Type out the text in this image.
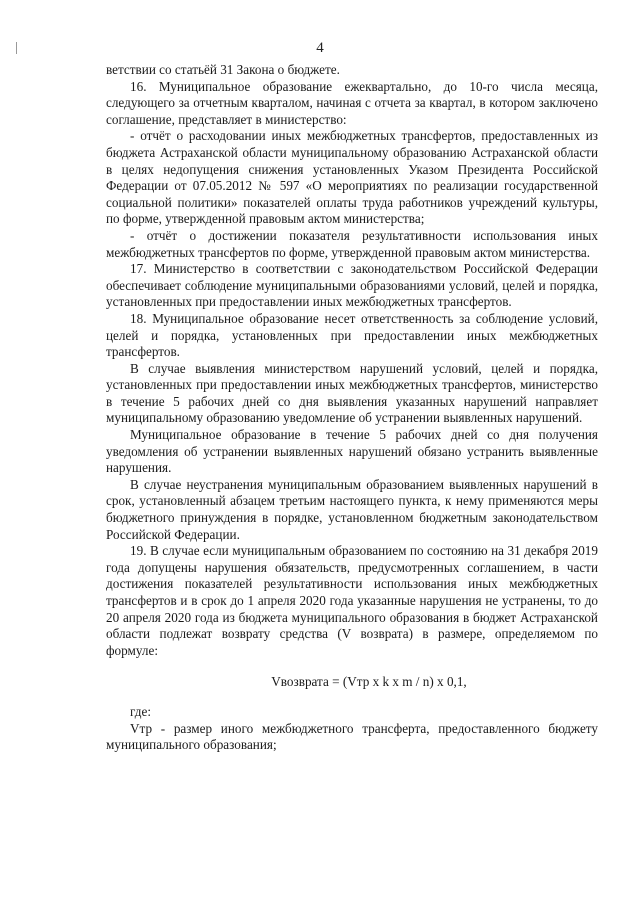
4

ветствии со статьёй 31 Закона о бюджете.

16. Муниципальное образование ежеквартально, до 10-го числа месяца, следующего за отчетным кварталом, начиная с отчета за квартал, в котором заключено соглашение, представляет в министерство:

- отчёт о расходовании иных межбюджетных трансфертов, предоставленных из бюджета Астраханской области муниципальному образованию Астраханской области в целях недопущения снижения установленных Указом Президента Российской Федерации от 07.05.2012 № 597 «О мероприятиях по реализации государственной социальной политики» показателей оплаты труда работников учреждений культуры, по форме, утвержденной правовым актом министерства;

- отчёт о достижении показателя результативности использования иных межбюджетных трансфертов по форме, утвержденной правовым актом министерства.

17. Министерство в соответствии с законодательством Российской Федерации обеспечивает соблюдение муниципальными образованиями условий, целей и порядка, установленных при предоставлении иных межбюджетных трансфертов.

18. Муниципальное образование несет ответственность за соблюдение условий, целей и порядка, установленных при предоставлении иных межбюджетных трансфертов.

В случае выявления министерством нарушений условий, целей и порядка, установленных при предоставлении иных межбюджетных трансфертов, министерство в течение 5 рабочих дней со дня выявления указанных нарушений направляет муниципальному образованию уведомление об устранении выявленных нарушений.

Муниципальное образование в течение 5 рабочих дней со дня получения уведомления об устранении выявленных нарушений обязано устранить выявленные нарушения.

В случае неустранения муниципальным образованием выявленных нарушений в срок, установленный абзацем третьим настоящего пункта, к нему применяются меры бюджетного принуждения в порядке, установленном бюджетным законодательством Российской Федерации.

19. В случае если муниципальным образованием по состоянию на 31 декабря 2019 года допущены нарушения обязательств, предусмотренных соглашением, в части достижения показателей результативности использования иных межбюджетных трансфертов и в срок до 1 апреля 2020 года указанные нарушения не устранены, то до 20 апреля 2020 года из бюджета муниципального образования в бюджет Астраханской области подлежат возврату средства (V возврата) в размере, определяемом по формуле:

Vвозврата = (Vтр x k x m / n) x 0,1,

где:

Vтр - размер иного межбюджетного трансферта, предоставленного бюджету муниципального образования;
